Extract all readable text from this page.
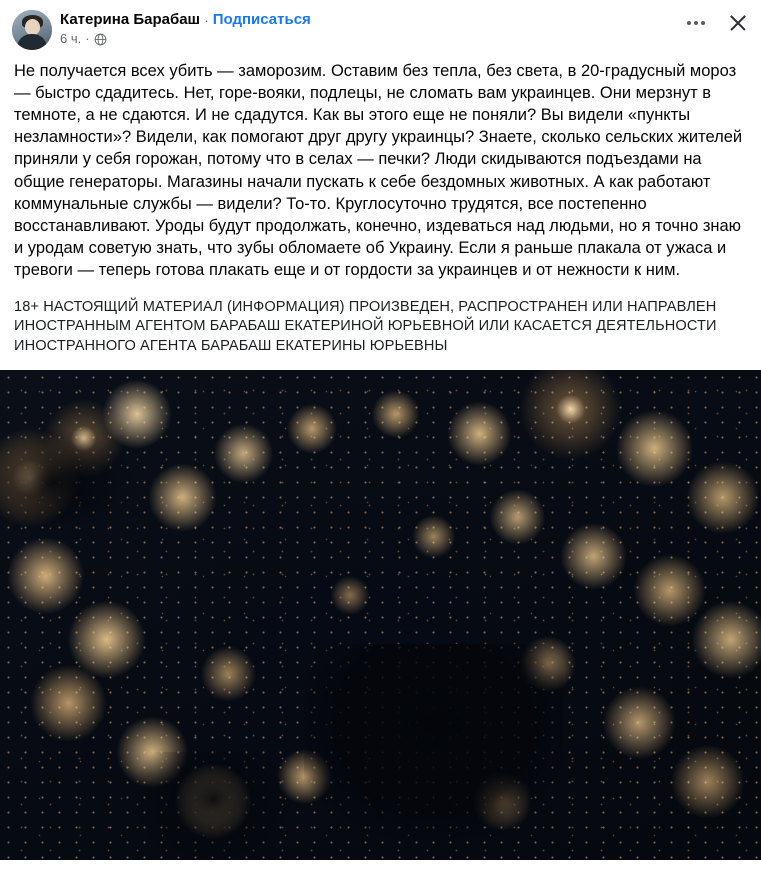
Катерина Барабаш · Подписаться
6 ч. ·

Не получается всех убить — заморозим. Оставим без тепла, без света, в 20-градусный мороз — быстро сдадитесь. Нет, горе-вояки, подлецы, не сломать вам украинцев. Они мерзнут в темноте, а не сдаются. И не сдадутся. Как вы этого еще не поняли? Вы видели «пункты незламности»? Видели, как помогают друг другу украинцы? Знаете, сколько сельских жителей приняли у себя горожан, потому что в селах — печки? Люди скидываются подъездами на общие генераторы. Магазины начали пускать к себе бездомных животных. А как работают коммунальные службы — видели? То-то. Круглосуточно трудятся, все постепенно восстанавливают. Уроды будут продолжать, конечно, издеваться над людьми, но я точно знаю и уродам советую знать, что зубы обломаете об Украину. Если я раньше плакала от ужаса и тревоги — теперь готова плакать еще и от гордости за украинцев и от нежности к ним.

18+ НАСТОЯЩИЙ МАТЕРИАЛ (ИНФОРМАЦИЯ) ПРОИЗВЕДЕН, РАСПРОСТРАНЕН ИЛИ НАПРАВЛЕН ИНОСТРАННЫМ АГЕНТОМ БАРАБАШ ЕКАТЕРИНОЙ ЮРЬЕВНОЙ ИЛИ КАСАЕТСЯ ДЕЯТЕЛЬНОСТИ ИНОСТРАННОГО АГЕНТА БАРАБАШ ЕКАТЕРИНЫ ЮРЬЕВНЫ
